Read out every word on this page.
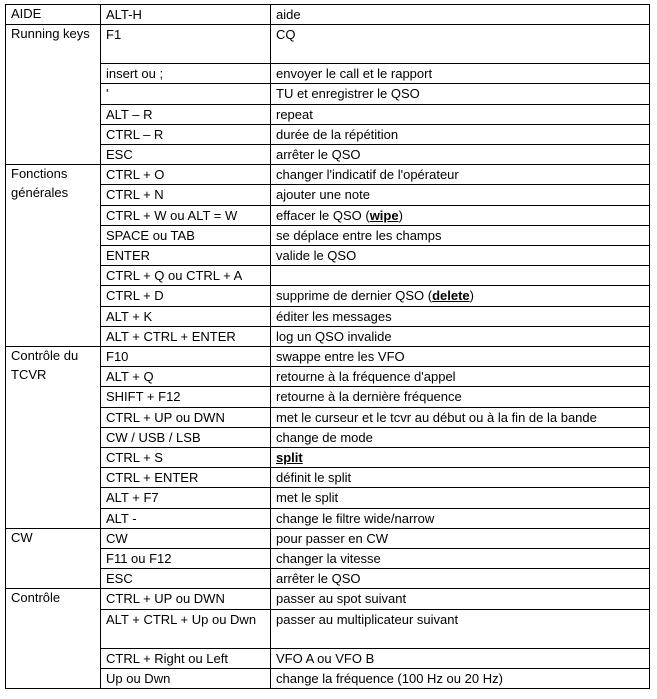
AIDE	ALT-H	aide
Running keys	F1	CQ
	insert ou ;	envoyer le call et le rapport
	'	TU et enregistrer le QSO
	ALT – R	repeat
	CTRL – R	durée de la répétition
	ESC	arrêter le QSO
Fonctions générales	CTRL + O	changer l'indicatif de l'opérateur
	CTRL + N	ajouter une note
	CTRL + W ou ALT = W	effacer le QSO (wipe)
	SPACE ou TAB	se déplace entre les champs
	ENTER	valide le QSO
	CTRL + Q ou CTRL + A	
	CTRL + D	supprime de dernier QSO (delete)
	ALT + K	éditer les messages
	ALT + CTRL + ENTER	log un QSO invalide
Contrôle du TCVR	F10	swappe entre les VFO
	ALT + Q	retourne à la fréquence d'appel
	SHIFT + F12	retourne à la dernière fréquence
	CTRL + UP ou DWN	met le curseur et le tcvr au début ou à la fin de la bande
	CW / USB / LSB	change de mode
	CTRL + S	split
	CTRL + ENTER	définit le split
	ALT + F7	met le split
	ALT -	change le filtre wide/narrow
CW	CW	pour passer en CW
	F11 ou F12	changer la vitesse
	ESC	arrêter le QSO
Contrôle	CTRL + UP ou DWN	passer au spot suivant
	ALT + CTRL + Up ou Dwn	passer au multiplicateur suivant
	CTRL + Right ou Left	VFO A ou VFO B
	Up ou Dwn	change la fréquence (100 Hz ou 20 Hz)
